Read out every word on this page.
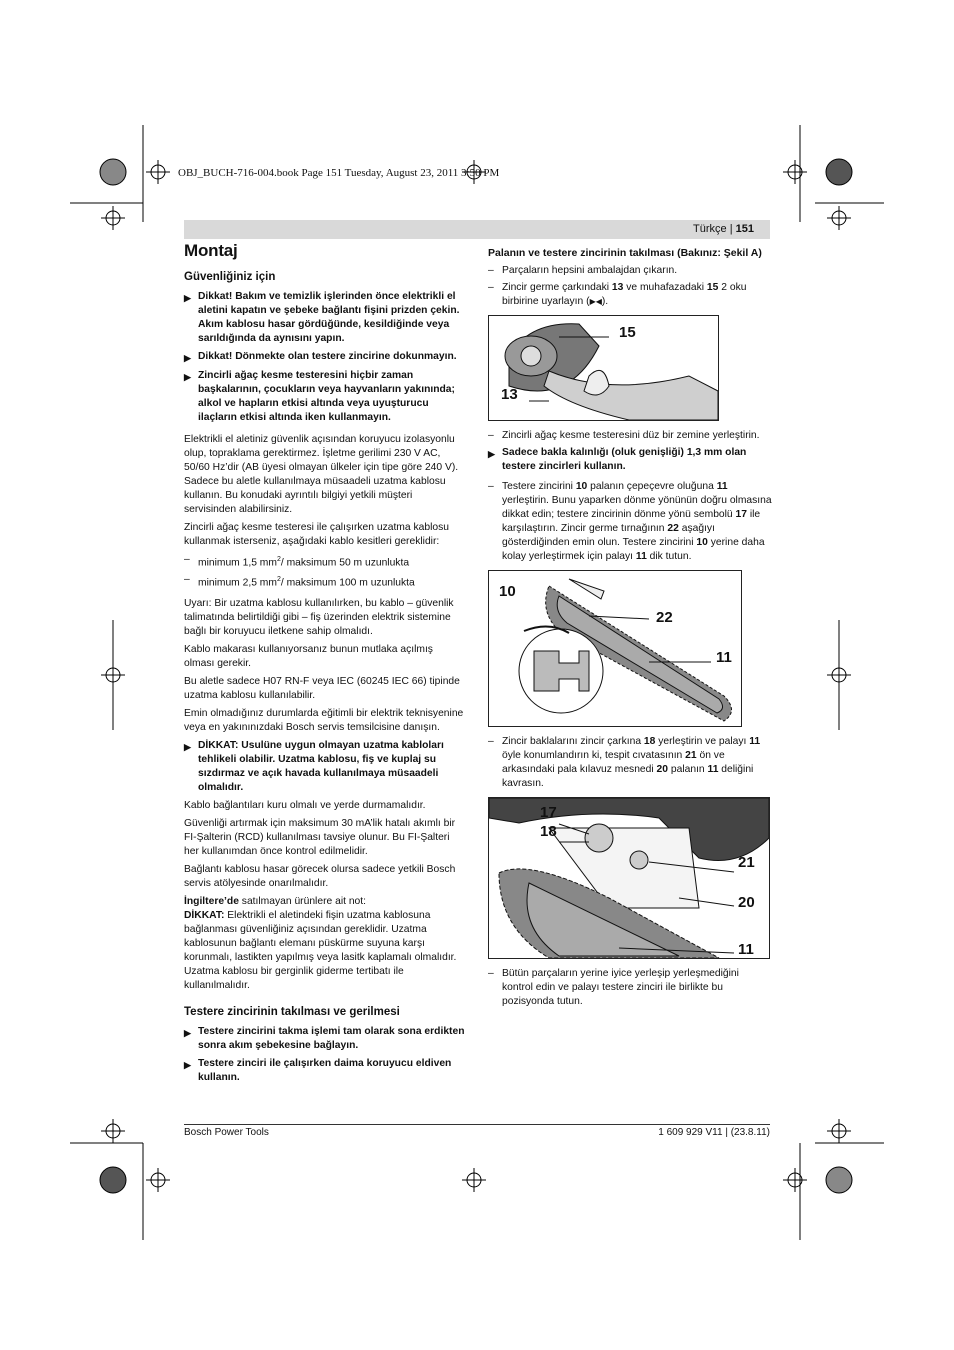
OBJ_BUCH-716-004.book Page 151 Tuesday, August 23, 2011 3:50 PM
Türkçe | 151
Montaj
Güvenliğiniz için
▶ Dikkat! Bakım ve temizlik işlerinden önce elektrikli el aletini kapatın ve şebeke bağlantı fişini prizden çekin. Akım kablosu hasar gördüğünde, kesildiğinde veya sarıldığında da aynısını yapın.
▶ Dikkat! Dönmekte olan testere zincirine dokunmayın.
▶ Zincirli ağaç kesme testeresini hiçbir zaman başkalarının, çocukların veya hayvanların yakınında; alkol ve hapların etkisi altında veya uyuşturucu ilaçların etkisi altında iken kullanmayın.

Elektrikli el aletiniz güvenlik açısından koruyucu izolasyonlu olup, topraklama gerektirmez. İşletme gerilimi 230 V AC, 50/60 Hz’dir (AB üyesi olmayan ülkeler için tipe göre 240 V). Sadece bu aletle kullanılmaya müsaadeli uzatma kablosu kullanın. Bu konudaki ayrıntılı bilgiyi yetkili müşteri servisinden alabilirsiniz.

Zincirli ağaç kesme testeresi ile çalışırken uzatma kablosu kullanmak isterseniz, aşağıdaki kablo kesitleri gereklidir:

– minimum 1,5 $mm^2/$ maksimum 50 m uzunlukta
– minimum 2,5 $mm^2/$ maksimum 100 m uzunlukta

Uyarı: Bir uzatma kablosu kullanılırken, bu kablo – güvenlik talimatında belirtildiği gibi – fiş üzerinden elektrik sistemine bağlı bir koruyucu iletkene sahip olmalıdı.

Kablo makarası kullanıyorsanız bunun mutlaka açılmış olması gerekir.

Bu aletle sadece H07 RN-F veya IEC (60245 IEC 66) tipinde uzatma kablosu kullanılabilir.

Emin olmadığınız durumlarda eğitimli bir elektrik teknisyenine veya en yakınınızdaki Bosch servis temsilcisine danışın.

▶ DİKKAT: Usulüne uygun olmayan uzatma kabloları tehlikeli olabilir. Uzatma kablosu, fiş ve kuplaj su sızdırmaz ve açık havada kullanılmaya müsaadeli olmalıdır.

Kablo bağlantıları kuru olmalı ve yerde durmamalıdır.

Güvenliği artırmak için maksimum 30 mA’lik hatalı akımlı bir FI-Şalterin (RCD) kullanılması tavsiye olunur. Bu FI-Şalteri her kullanımdan önce kontrol edilmelidir.

Bağlantı kablosu hasar görecek olursa sadece yetkili Bosch servis atölyesinde onarılmalıdır.

İngiltere’de satılmayan ürünlere ait not:
DİKKAT: Elektrikli el aletindeki fişin uzatma kablosuna bağlanması güvenliğiniz açısından gereklidir. Uzatma kablosunun bağlantı elemanı püskürme suyuna karşı korunmalı, lastikten yapılmış veya lasitk kaplamalı olmalıdır. Uzatma kablosu bir gerginlik giderme tertibatı ile kullanılmalıdır.

Testere zincirinin takılması ve gerilmesi
▶ Testere zincirini takma işlemi tam olarak sona erdikten sonra akım şebekesine bağlayın.
▶ Testere zinciri ile çalışırken daima koruyucu eldiven kullanın.
Palanın ve testere zincirinin takılması (Bakınız: Şekil A)
– Parçaların hepsini ambalajdan çıkarın.
– Zincir germe çarkındaki 13 ve muhafazadaki 15 2 oku birbirine uyarlayın (▶◀).
15
13
– Zincirli ağaç kesme testeresini düz bir zemine yerleştirin.
▶ Sadece bakla kalınlığı (oluk genişliği) 1,3 mm olan testere zincirleri kullanın.
– Testere zincirini 10 palanın çepeçevre oluğuna 11 yerleştirin. Bunu yaparken dönme yönünün doğru olmasına dikkat edin; testere zincirinin dönme yönü sembolü 17 ile karşılaştırın. Zincir germe tırnağının 22 aşağıyı gösterdiğinden emin olun. Testere zincirini 10 yerine daha kolay yerleştirmek için palayı 11 dik tutun.
10
22
11
– Zincir baklalarını zincir çarkına 18 yerleştirin ve palayı 11 öyle konumlandırın ki, tespit cıvatasının 21 ön ve arkasındaki pala kılavuz mesnedi 20 palanın 11 deliğini kavrasın.
17
18
21
20
11
– Bütün parçaların yerine iyice yerleşip yerleşmediğini kontrol edin ve palayı testere zinciri ile birlikte bu pozisyonda tutun.
Bosch Power Tools	1 609 929 V11 | (23.8.11)
